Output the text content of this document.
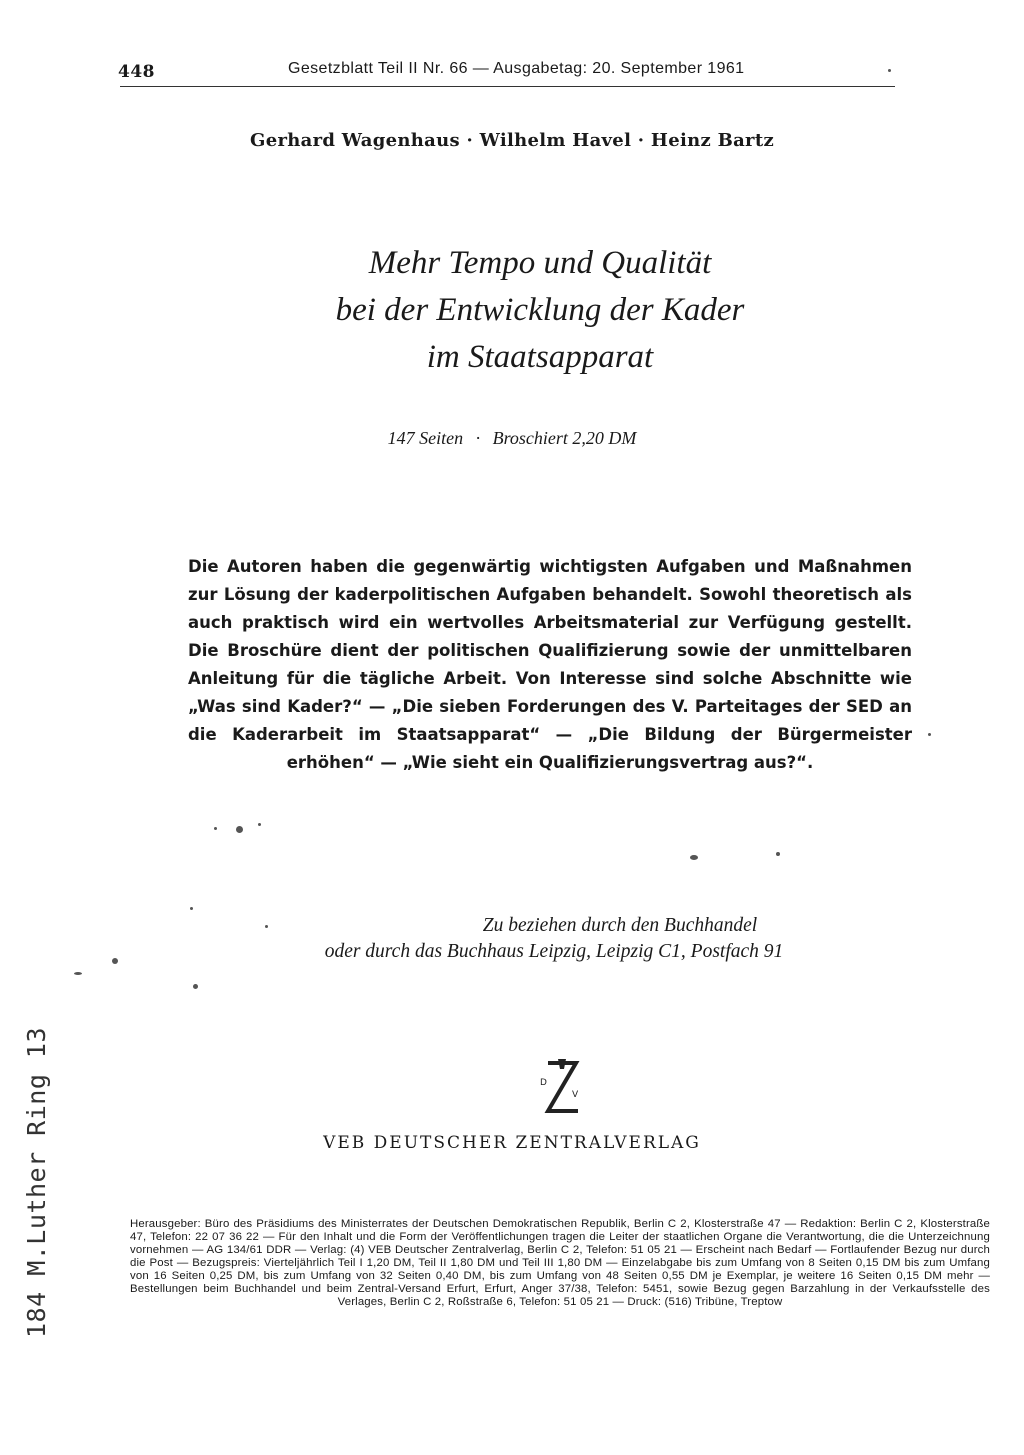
448	Gesetzblatt Teil II Nr. 66 — Ausgabetag: 20. September 1961
Gerhard Wagenhaus · Wilhelm Havel · Heinz Bartz
Mehr Tempo und Qualität
bei der Entwicklung der Kader
im Staatsapparat
147 Seiten · Broschiert 2,20 DM
Die Autoren haben die gegenwärtig wichtigsten Aufgaben und Maßnahmen zur Lösung der kaderpolitischen Aufgaben behandelt. Sowohl theoretisch als auch praktisch wird ein wertvolles Arbeitsmaterial zur Verfügung gestellt. Die Broschüre dient der politischen Qualifizierung sowie der unmittelbaren Anleitung für die tägliche Arbeit. Von Interesse sind solche Abschnitte wie „Was sind Kader?“ — „Die sieben Forderungen des V. Parteitages der SED an die Kaderarbeit im Staatsapparat“ — „Die Bildung der Bürgermeister erhöhen“ — „Wie sieht ein Qualifizierungsvertrag aus?“.
Zu beziehen durch den Buchhandel
oder durch das Buchhaus Leipzig, Leipzig C1, Postfach 91
D
V
VEB DEUTSCHER ZENTRALVERLAG
Herausgeber: Büro des Präsidiums des Ministerrates der Deutschen Demokratischen Republik, Berlin C 2, Klosterstraße 47 — Redaktion: Berlin C 2, Klosterstraße 47, Telefon: 22 07 36 22 — Für den Inhalt und die Form der Veröffentlichungen tragen die Leiter der staatlichen Organe die Verantwortung, die die Unterzeichnung vornehmen — AG 134/61 DDR — Verlag: (4) VEB Deutscher Zentralverlag, Berlin C 2, Telefon: 51 05 21 — Erscheint nach Bedarf — Fortlaufender Bezug nur durch die Post — Bezugspreis: Vierteljährlich Teil I 1,20 DM, Teil II 1,80 DM und Teil III 1,80 DM — Einzelabgabe bis zum Umfang von 8 Seiten 0,15 DM bis zum Umfang von 16 Seiten 0,25 DM, bis zum Umfang von 32 Seiten 0,40 DM, bis zum Umfang von 48 Seiten 0,55 DM je Exemplar, je weitere 16 Seiten 0,15 DM mehr — Bestellungen beim Buchhandel und beim Zentral-Versand Erfurt, Erfurt, Anger 37/38, Telefon: 5451, sowie Bezug gegen Barzahlung in der Verkaufsstelle des Verlages, Berlin C 2, Roßstraße 6, Telefon: 51 05 21 — Druck: (516) Tribüne, Treptow
184 M.Luther Ring 13
